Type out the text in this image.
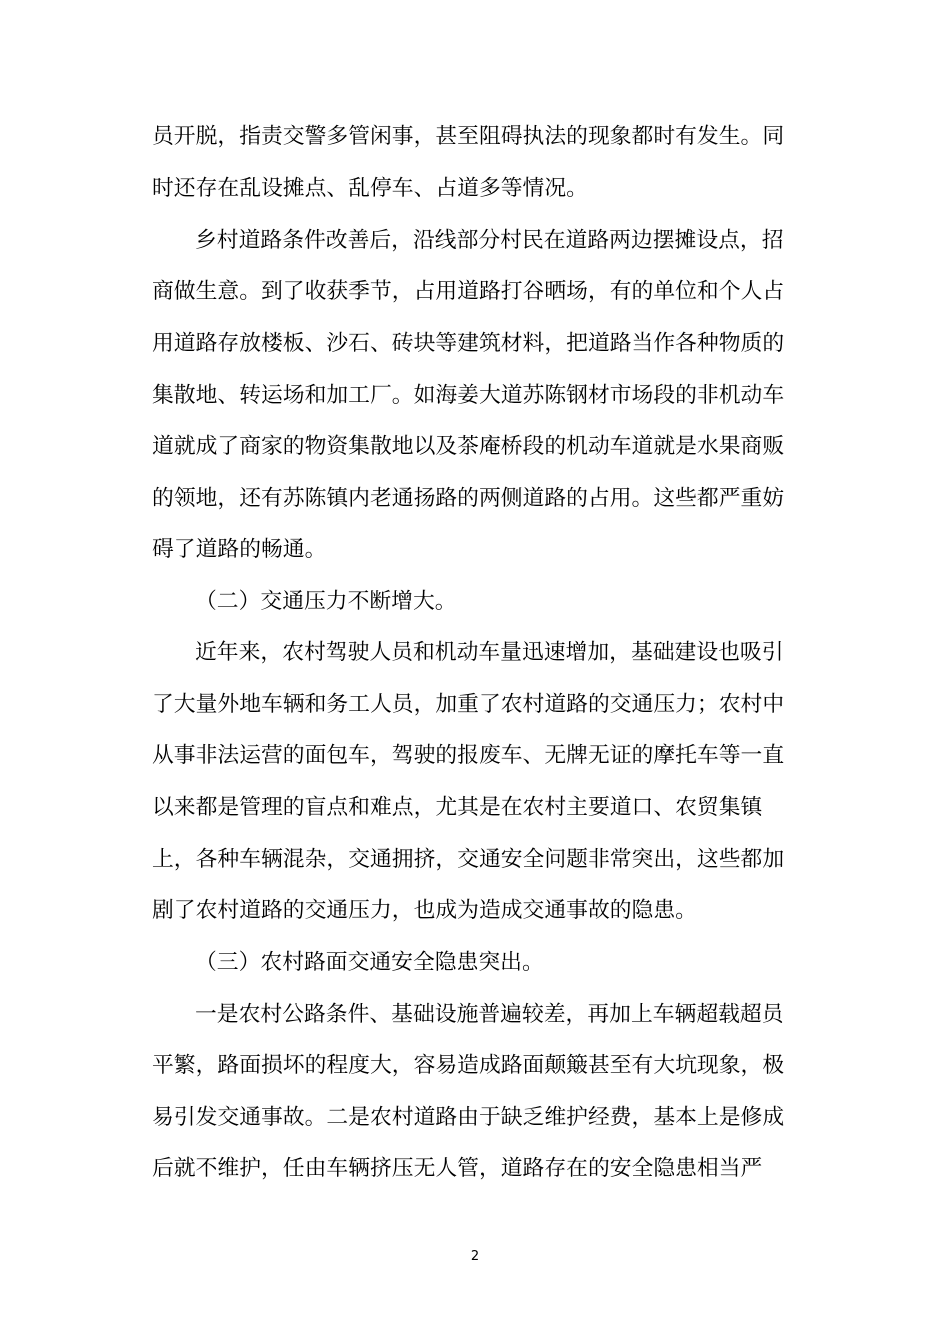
员开脱，指责交警多管闲事，甚至阻碍执法的现象都时有发生。同
时还存在乱设摊点、乱停车、占道多等情况。
乡村道路条件改善后，沿线部分村民在道路两边摆摊设点，招
商做生意。到了收获季节，占用道路打谷晒场，有的单位和个人占
用道路存放楼板、沙石、砖块等建筑材料，把道路当作各种物质的
集散地、转运场和加工厂。如海姜大道苏陈钢材市场段的非机动车
道就成了商家的物资集散地以及茶庵桥段的机动车道就是水果商贩
的领地，还有苏陈镇内老通扬路的两侧道路的占用。这些都严重妨
碍了道路的畅通。
（二）交通压力不断增大。
近年来，农村驾驶人员和机动车量迅速增加，基础建设也吸引
了大量外地车辆和务工人员，加重了农村道路的交通压力；农村中
从事非法运营的面包车，驾驶的报废车、无牌无证的摩托车等一直
以来都是管理的盲点和难点，尤其是在农村主要道口、农贸集镇
上，各种车辆混杂，交通拥挤，交通安全问题非常突出，这些都加
剧了农村道路的交通压力，也成为造成交通事故的隐患。
（三）农村路面交通安全隐患突出。
一是农村公路条件、基础设施普遍较差，再加上车辆超载超员
平繁，路面损坏的程度大，容易造成路面颠簸甚至有大坑现象，极
易引发交通事故。二是农村道路由于缺乏维护经费，基本上是修成
后就不维护，任由车辆挤压无人管，道路存在的安全隐患相当严
2
